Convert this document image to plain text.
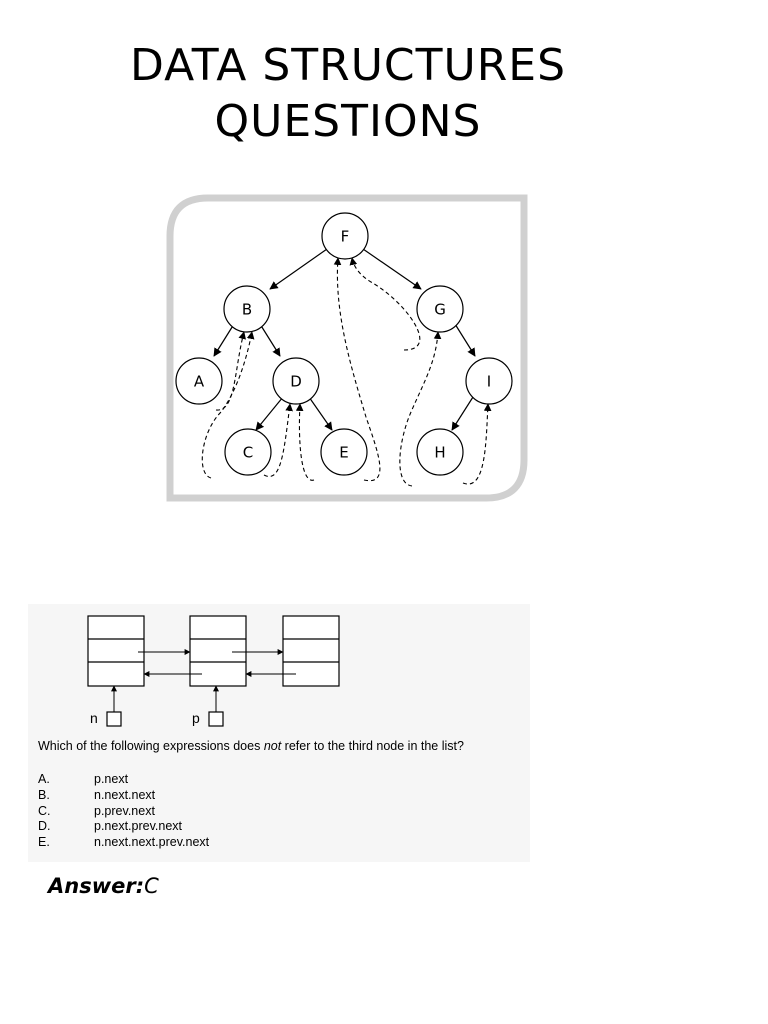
DATA STRUCTURES
QUESTIONS
F
B	G
A	D	I
C	E	H
n	p
Which of the following expressions does not refer to the third node in the list?
A.	p.next
B.	n.next.next
C.	p.prev.next
D.	p.next.prev.next
E.	n.next.next.prev.next
Answer:C
